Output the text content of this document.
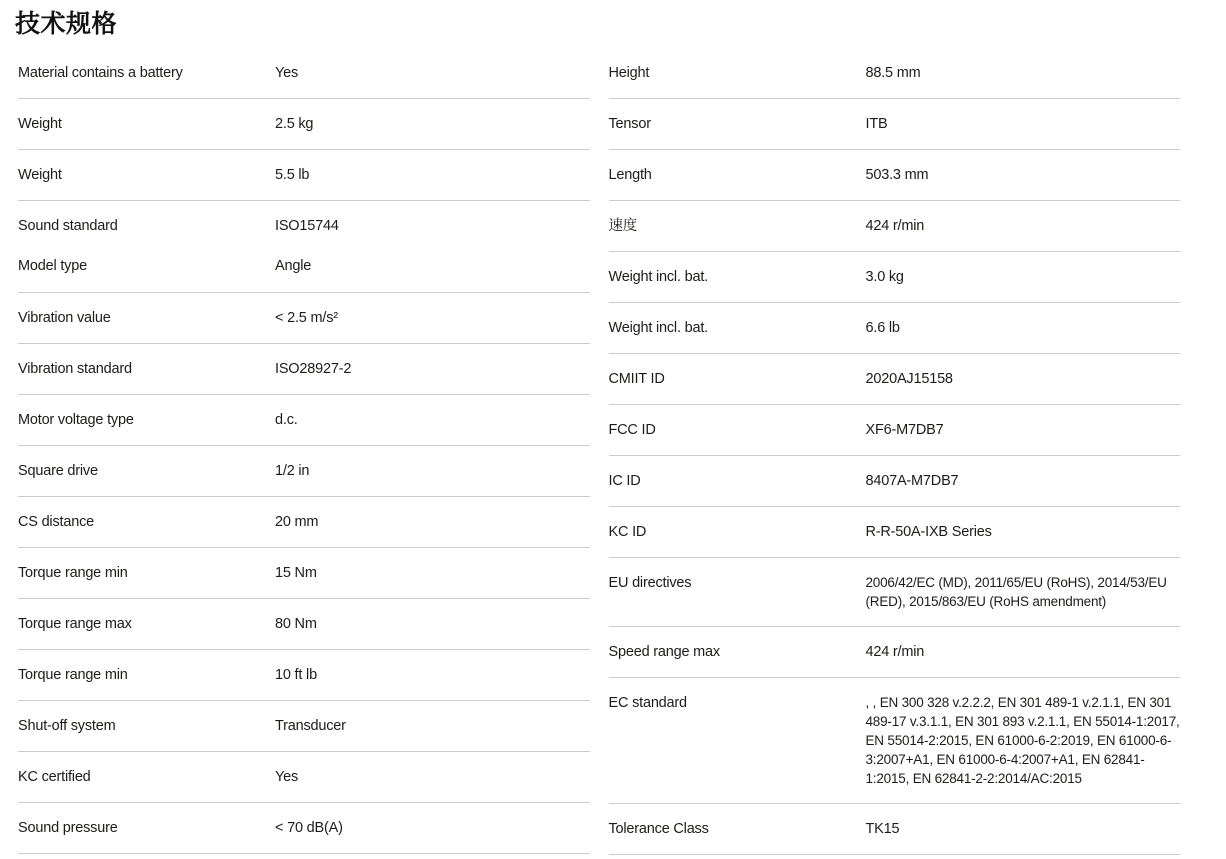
技术规格
Material contains a battery	Yes
Weight	2.5 kg
Weight	5.5 lb
Sound standard	ISO15744
Model type	Angle
Vibration value	< 2.5 m/s²
Vibration standard	ISO28927-2
Motor voltage type	d.c.
Square drive	1/2 in
CS distance	20 mm
Torque range min	15 Nm
Torque range max	80 Nm
Torque range min	10 ft lb
Shut-off system	Transducer
KC certified	Yes
Sound pressure	< 70 dB(A)
Height	88.5 mm
Tensor	ITB
Length	503.3 mm
速度	424 r/min
Weight incl. bat.	3.0 kg
Weight incl. bat.	6.6 lb
CMIIT ID	2020AJ15158
FCC ID	XF6-M7DB7
IC ID	8407A-M7DB7
KC ID	R-R-50A-IXB Series
EU directives	2006/42/EC (MD), 2011/65/EU (RoHS), 2014/53/EU (RED), 2015/863/EU (RoHS amendment)
Speed range max	424 r/min
EC standard	, , EN 300 328 v.2.2.2, EN 301 489-1 v.2.1.1, EN 301 489-17 v.3.1.1, EN 301 893 v.2.1.1, EN 55014-1:2017, EN 55014-2:2015, EN 61000-6-2:2019, EN 61000-6-3:2007+A1, EN 61000-6-4:2007+A1, EN 62841-1:2015, EN 62841-2-2:2014/AC:2015
Tolerance Class	TK15
